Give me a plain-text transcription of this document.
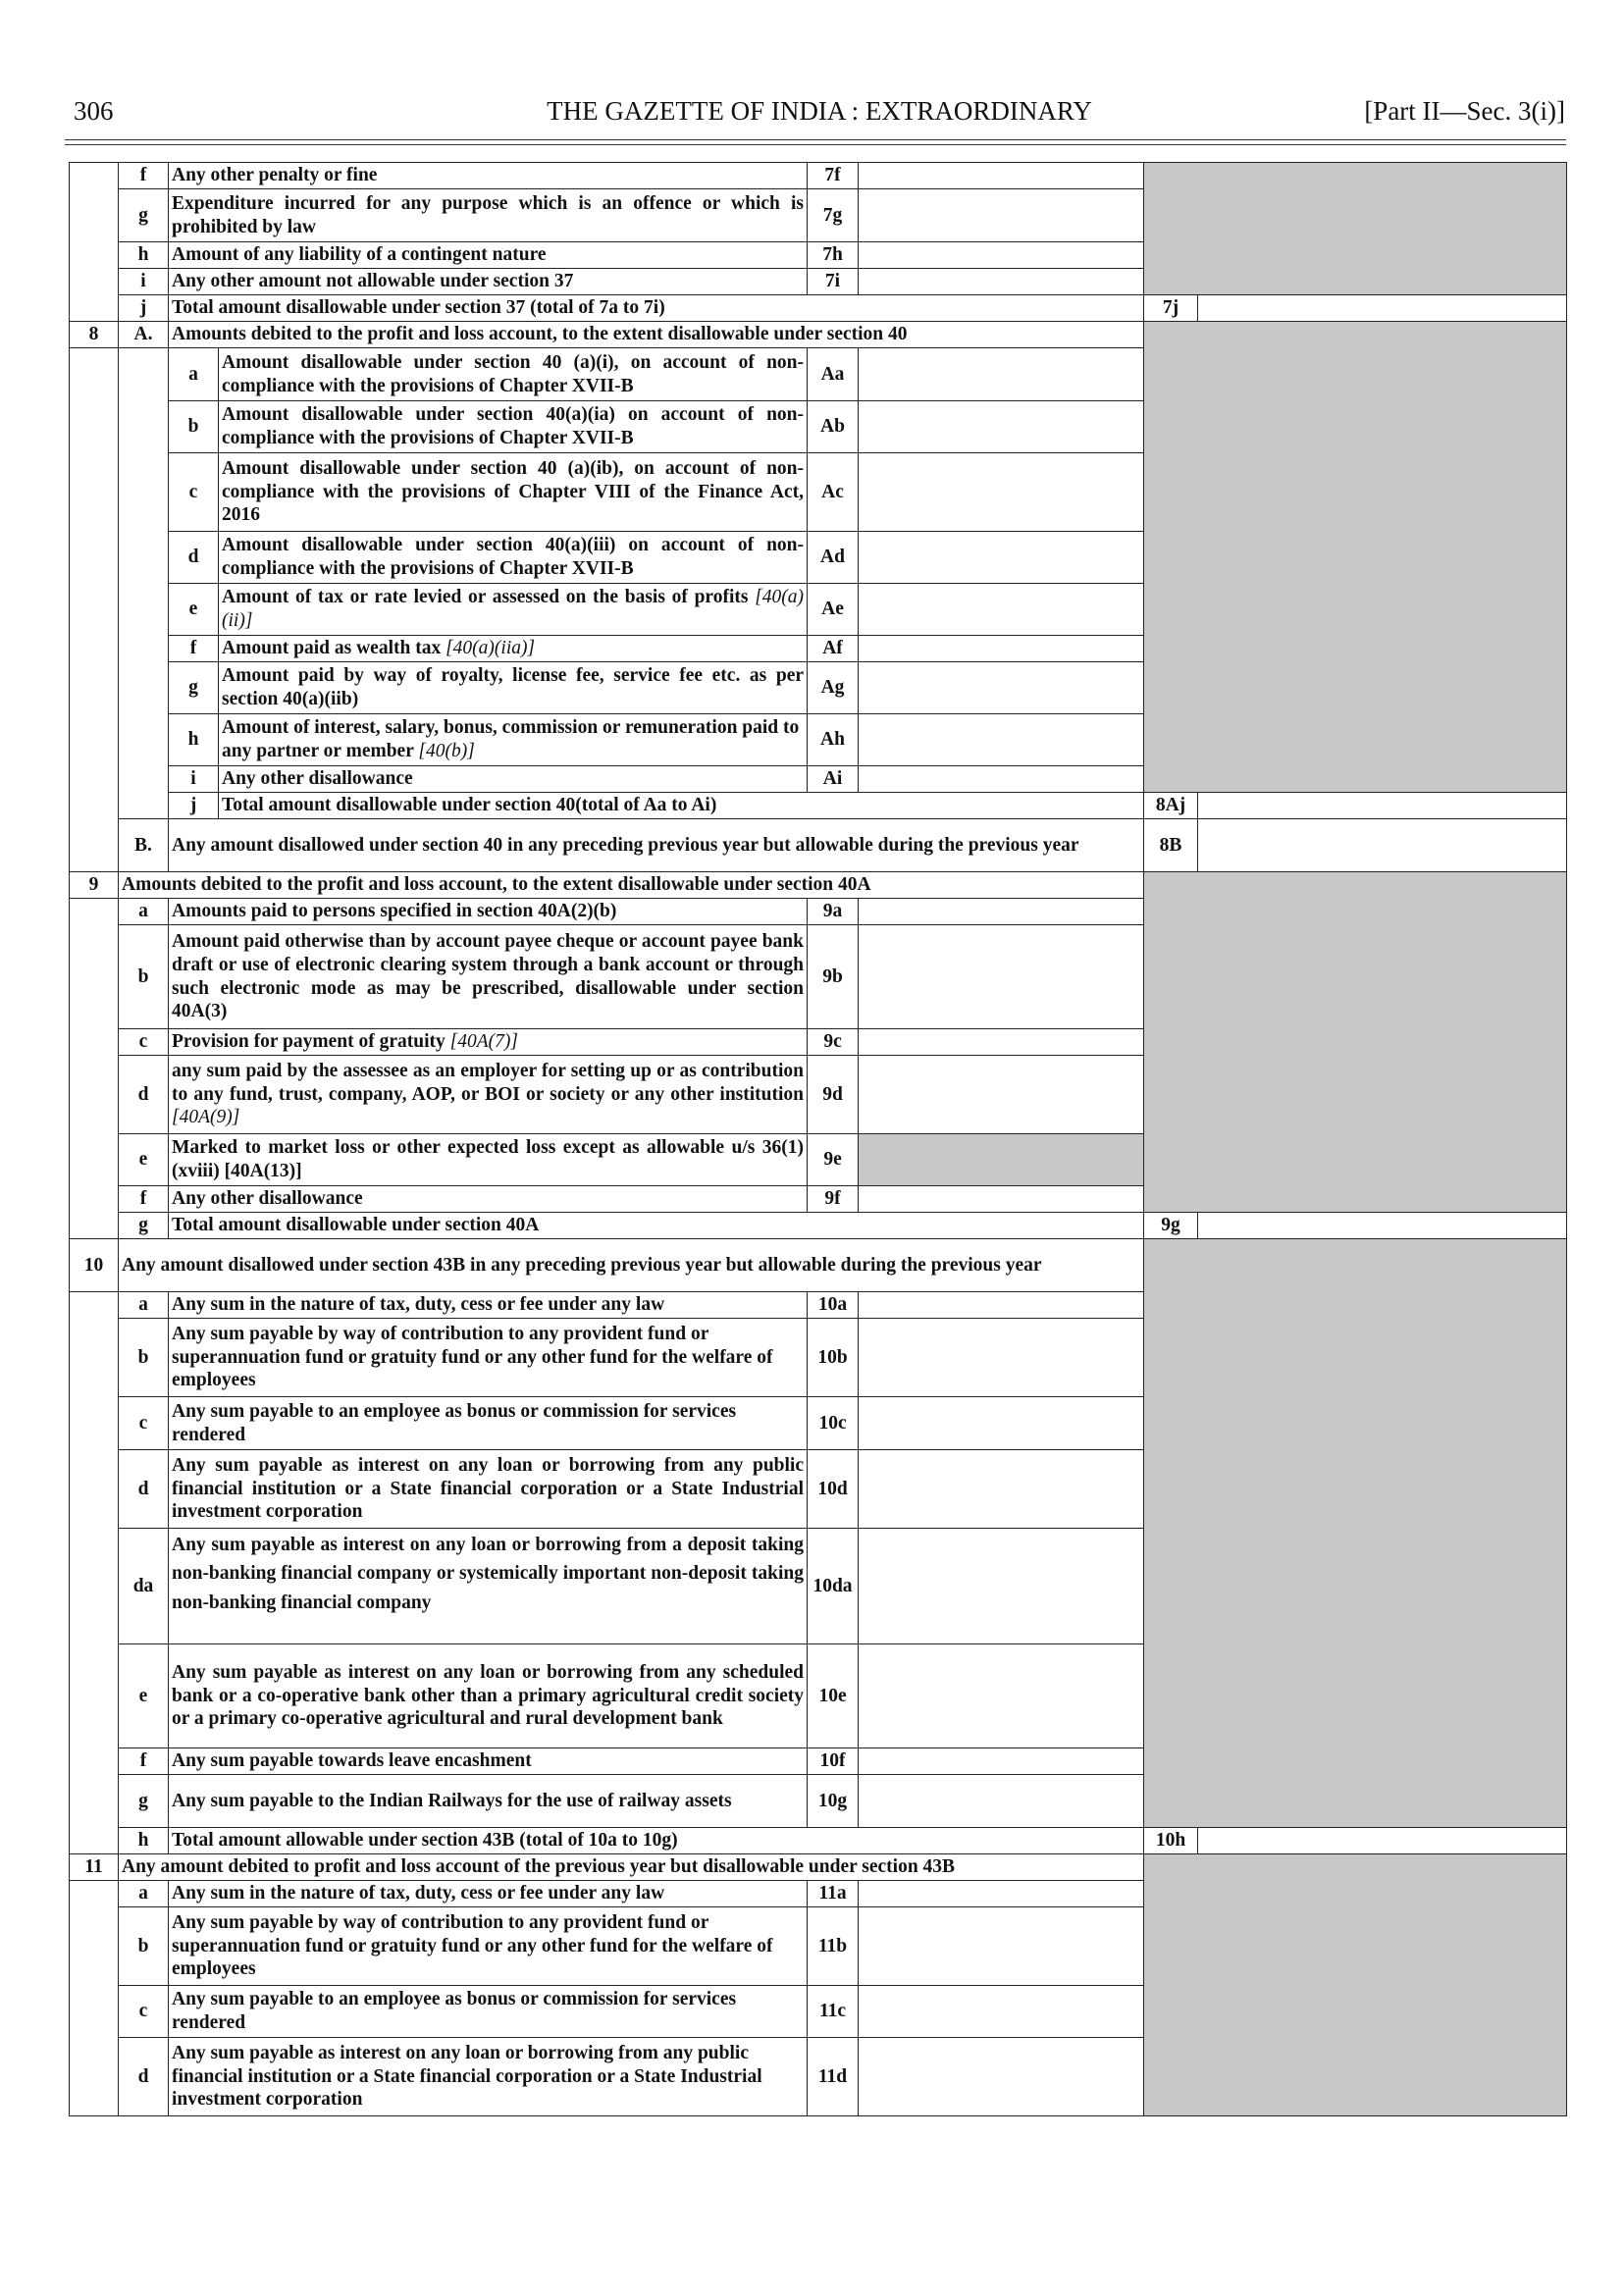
306	THE GAZETTE OF INDIA : EXTRAORDINARY	[Part II—Sec. 3(i)]
	f	Any other penalty or fine		7f			
	g	Expenditure incurred for any purpose which is an offence or which is prohibited by law		7g			
	h	Amount of any liability of a contingent nature		7h			
	i	Any other amount not allowable under section 37		7i			
	j	Total amount disallowable under section 37 (total of 7a to 7i)				7j	
8	A.	Amounts debited to the profit and loss account, to the extent disallowable under section 40					
		a	Amount disallowable under section 40 (a)(i), on account of non-compliance with the provisions of Chapter XVII-B	Aa			
		b	Amount disallowable under section 40(a)(ia) on account of non-compliance with the provisions of Chapter XVII-B	Ab			
		c	Amount disallowable under section 40 (a)(ib), on account of non-compliance with the provisions of Chapter VIII of the Finance Act, 2016	Ac			
		d	Amount disallowable under section 40(a)(iii) on account of non-compliance with the provisions of Chapter XVII-B	Ad			
		e	Amount of tax or rate levied or assessed on the basis of profits [40(a)(ii)]	Ae			
		f	Amount paid as wealth tax [40(a)(iia)]	Af			
		g	Amount paid by way of royalty, license fee, service fee etc. as per section 40(a)(iib)	Ag			
		h	Amount of interest, salary, bonus, commission or remuneration paid to any partner or member [40(b)]	Ah			
		i	Any other disallowance	Ai			
		j	Total amount disallowable under section 40(total of Aa to Ai)			8Aj	
	B.	Any amount disallowed under section 40 in any preceding previous year but allowable during the previous year				8B	
9	Amounts debited to the profit and loss account, to the extent disallowable under section 40A						
	a	Amounts paid to persons specified in section 40A(2)(b)		9a			
	b	Amount paid otherwise than by account payee cheque or account payee bank draft or use of electronic clearing system through a bank account or through such electronic mode as may be prescribed, disallowable under section 40A(3)		9b			
	c	Provision for payment of gratuity [40A(7)]		9c			
	d	any sum paid by the assessee as an employer for setting up or as contribution to any fund, trust, company, AOP, or BOI or society or any other institution [40A(9)]		9d			
	e	Marked to market loss or other expected loss except as allowable u/s 36(1)(xviii) [40A(13)]		9e			
	f	Any other disallowance		9f			
	g	Total amount disallowable under section 40A				9g	
10	Any amount disallowed under section 43B in any preceding previous year but allowable during the previous year						
	a	Any sum in the nature of tax, duty, cess or fee under any law		10a			
	b	Any sum payable by way of contribution to any provident fund or superannuation fund or gratuity fund or any other fund for the welfare of employees		10b			
	c	Any sum payable to an employee as bonus or commission for services rendered		10c			
	d	Any sum payable as interest on any loan or borrowing from any public financial institution or a State financial corporation or a State Industrial investment corporation		10d			
	da	Any sum payable as interest on any loan or borrowing from a deposit taking non-banking financial company or systemically important non-deposit taking non-banking financial company		10da			
	e	Any sum payable as interest on any loan or borrowing from any scheduled bank or a co-operative bank other than a primary agricultural credit society or a primary co-operative agricultural and rural development bank		10e			
	f	Any sum payable towards leave encashment		10f			
	g	Any sum payable to the Indian Railways for the use of railway assets		10g			
	h	Total amount allowable under section 43B (total of 10a to 10g)				10h	
11	Any amount debited to profit and loss account of the previous year but disallowable under section 43B						
	a	Any sum in the nature of tax, duty, cess or fee under any law		11a			
	b	Any sum payable by way of contribution to any provident fund or superannuation fund or gratuity fund or any other fund for the welfare of employees		11b			
	c	Any sum payable to an employee as bonus or commission for services rendered		11c			
	d	Any sum payable as interest on any loan or borrowing from any public financial institution or a State financial corporation or a State Industrial investment corporation		11d			
